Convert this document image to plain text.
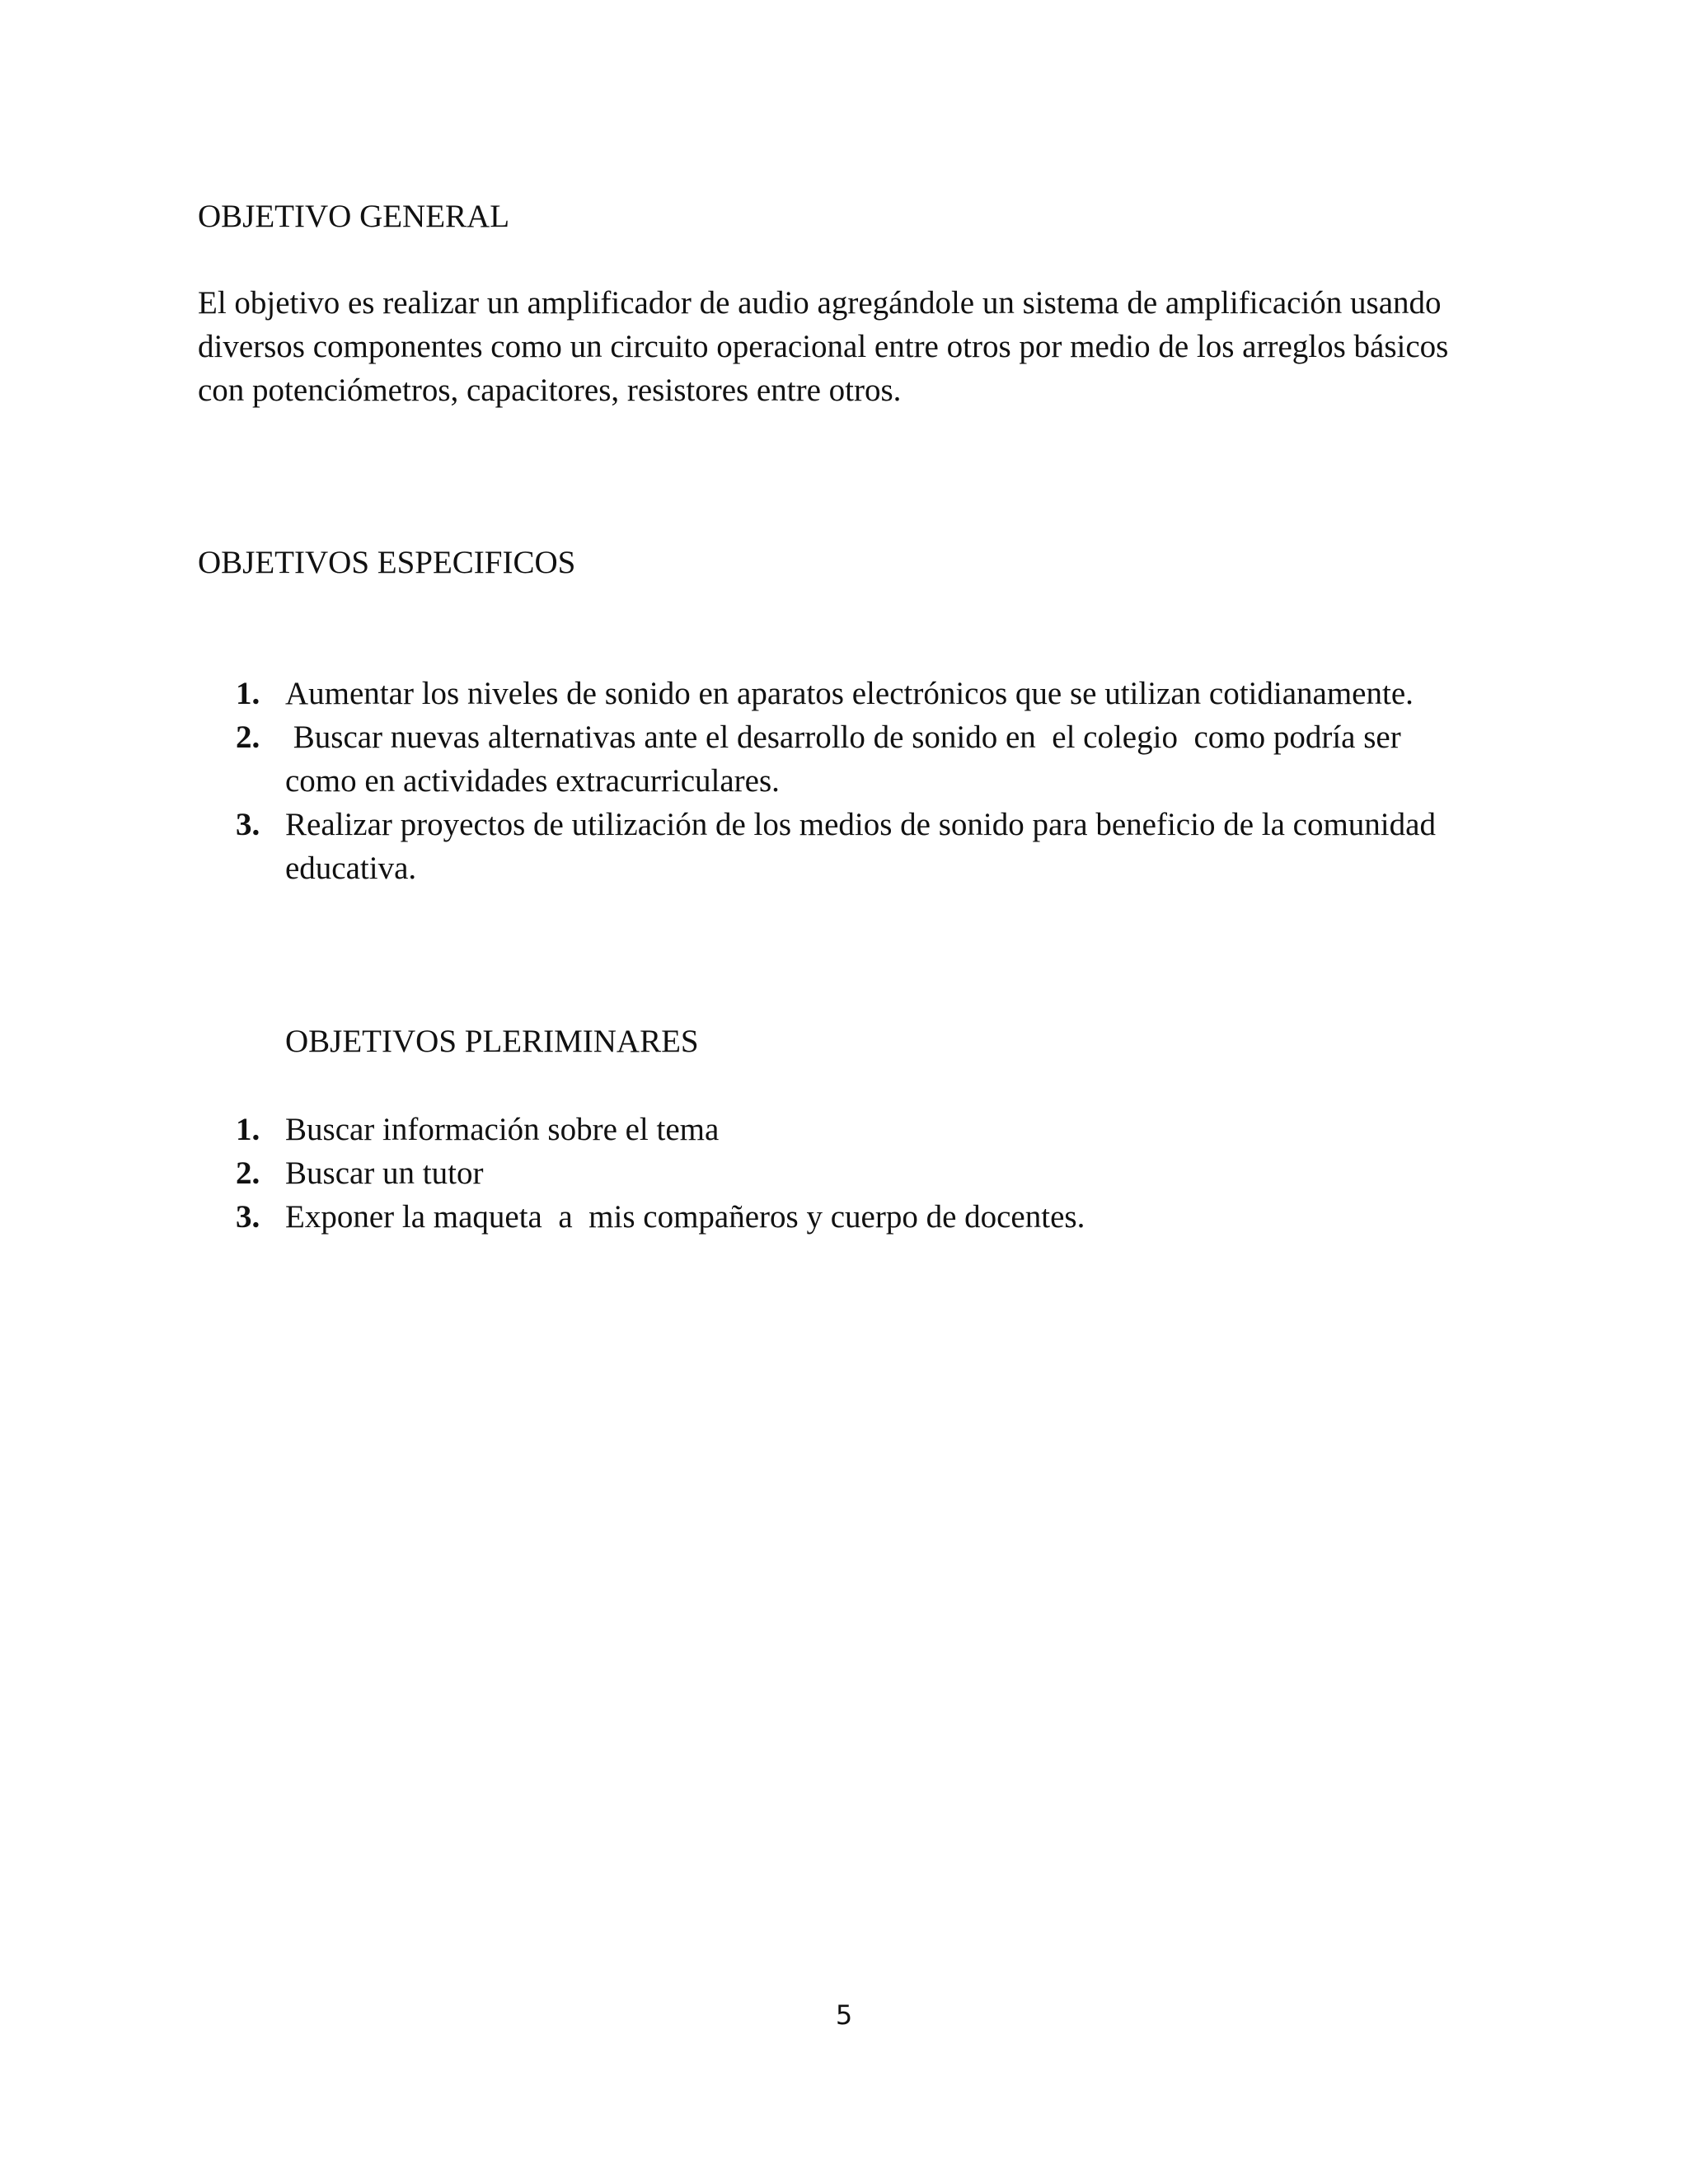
OBJETIVO GENERAL
El objetivo es realizar un amplificador de audio agregándole un sistema de amplificación usando
diversos componentes como un circuito operacional entre otros por medio de los arreglos básicos
con potenciómetros, capacitores, resistores entre otros.
OBJETIVOS ESPECIFICOS
1. Aumentar los niveles de sonido en aparatos electrónicos que se utilizan cotidianamente.
2. Buscar nuevas alternativas ante el desarrollo de sonido en  el colegio  como podría ser
como en actividades extracurriculares.
3. Realizar proyectos de utilización de los medios de sonido para beneficio de la comunidad
educativa.
OBJETIVOS PLERIMINARES
1. Buscar información sobre el tema
2. Buscar un tutor
3. Exponer la maqueta  a  mis compañeros y cuerpo de docentes.
5
